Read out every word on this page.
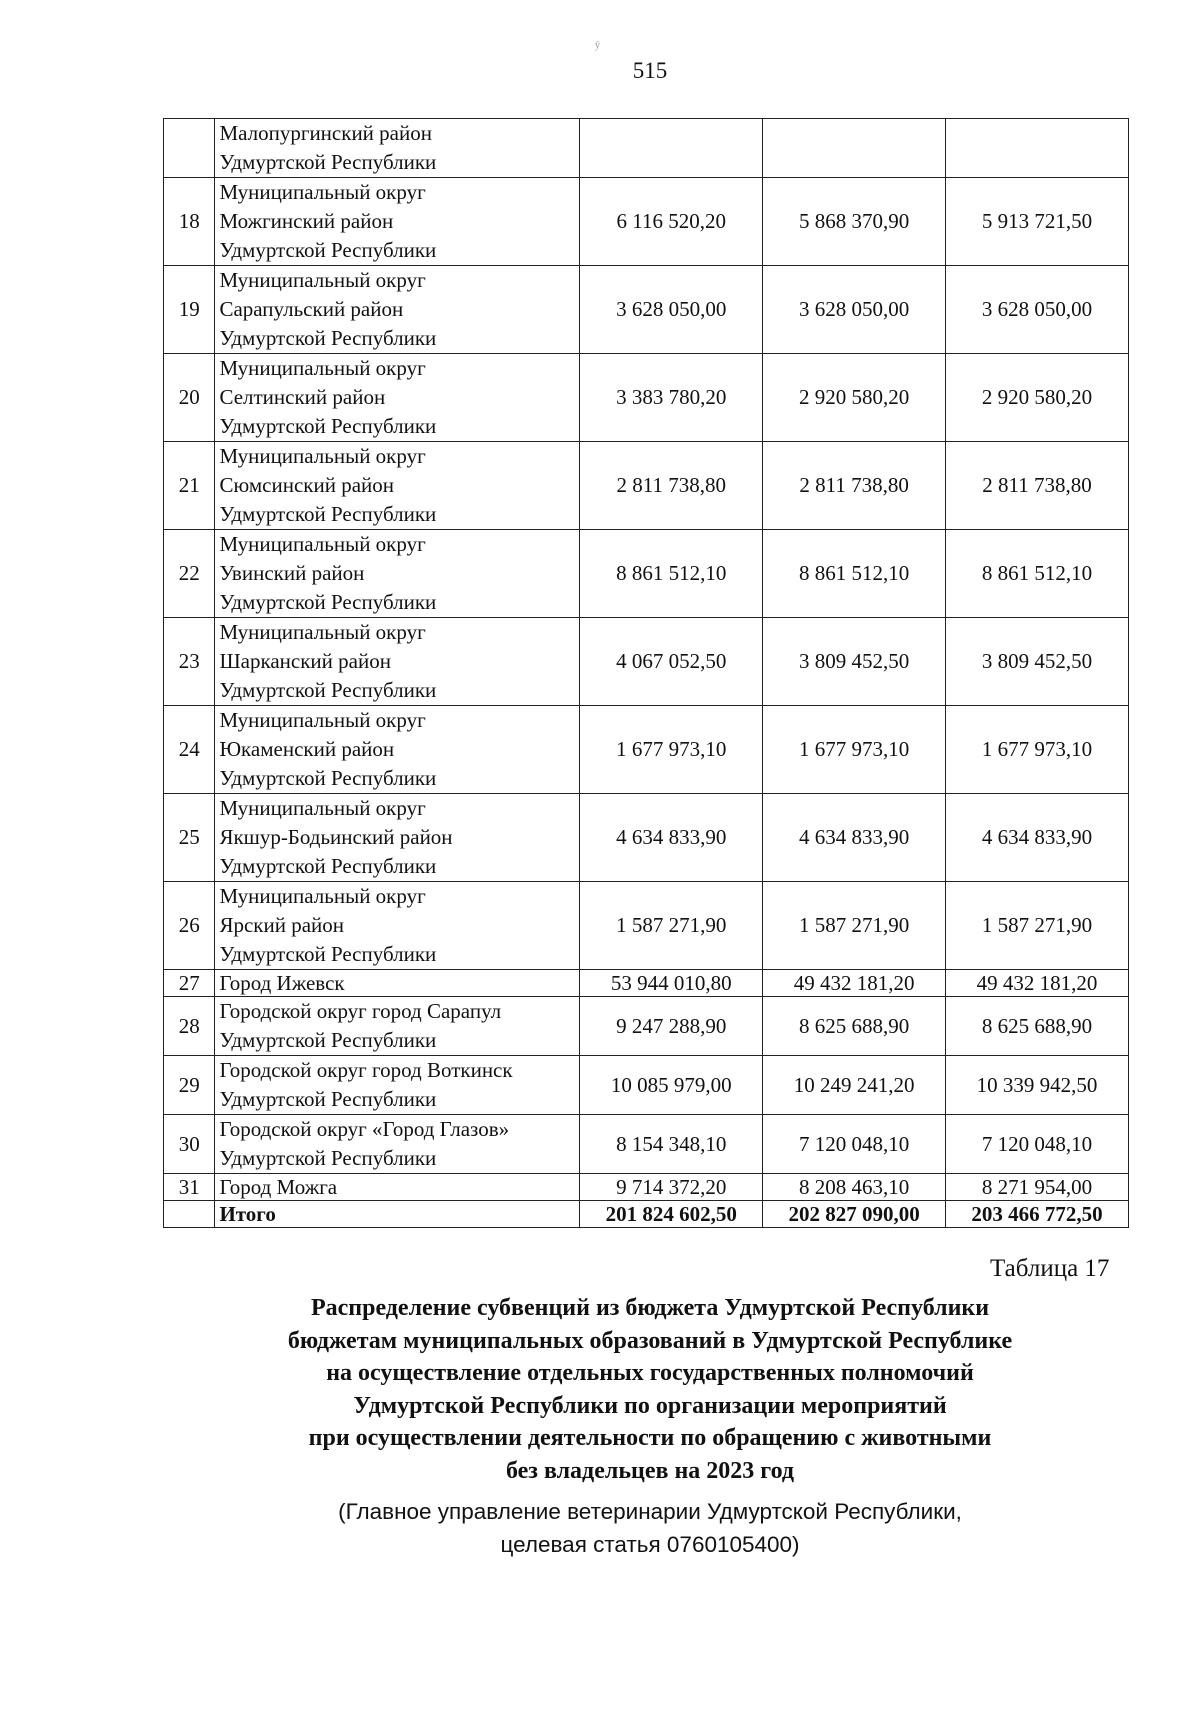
ӯ
515
	Малопургинский район
Удмуртской Республики			
18	Муниципальный округ
Можгинский район
Удмуртской Республики	6 116 520,20	5 868 370,90	5 913 721,50
19	Муниципальный округ
Сарапульский район
Удмуртской Республики	3 628 050,00	3 628 050,00	3 628 050,00
20	Муниципальный округ
Селтинский район
Удмуртской Республики	3 383 780,20	2 920 580,20	2 920 580,20
21	Муниципальный округ
Сюмсинский район
Удмуртской Республики	2 811 738,80	2 811 738,80	2 811 738,80
22	Муниципальный округ
Увинский район
Удмуртской Республики	8 861 512,10	8 861 512,10	8 861 512,10
23	Муниципальный округ
Шарканский район
Удмуртской Республики	4 067 052,50	3 809 452,50	3 809 452,50
24	Муниципальный округ
Юкаменский район
Удмуртской Республики	1 677 973,10	1 677 973,10	1 677 973,10
25	Муниципальный округ
Якшур-Бодьинский район
Удмуртской Республики	4 634 833,90	4 634 833,90	4 634 833,90
26	Муниципальный округ
Ярский район
Удмуртской Республики	1 587 271,90	1 587 271,90	1 587 271,90
27	Город Ижевск	53 944 010,80	49 432 181,20	49 432 181,20
28	Городской округ город Сарапул
Удмуртской Республики	9 247 288,90	8 625 688,90	8 625 688,90
29	Городской округ город Воткинск
Удмуртской Республики	10 085 979,00	10 249 241,20	10 339 942,50
30	Городской округ «Город Глазов»
Удмуртской Республики	8 154 348,10	7 120 048,10	7 120 048,10
31	Город Можга	9 714 372,20	8 208 463,10	8 271 954,00
	Итого	201 824 602,50	202 827 090,00	203 466 772,50
Таблица 17
Распределение субвенций из бюджета Удмуртской Республики
бюджетам муниципальных образований в Удмуртской Республике
на осуществление отдельных государственных полномочий
Удмуртской Республики по организации мероприятий
при осуществлении деятельности по обращению с животными
без владельцев на 2023 год
(Главное управление ветеринарии Удмуртской Республики,
целевая статья 0760105400)
